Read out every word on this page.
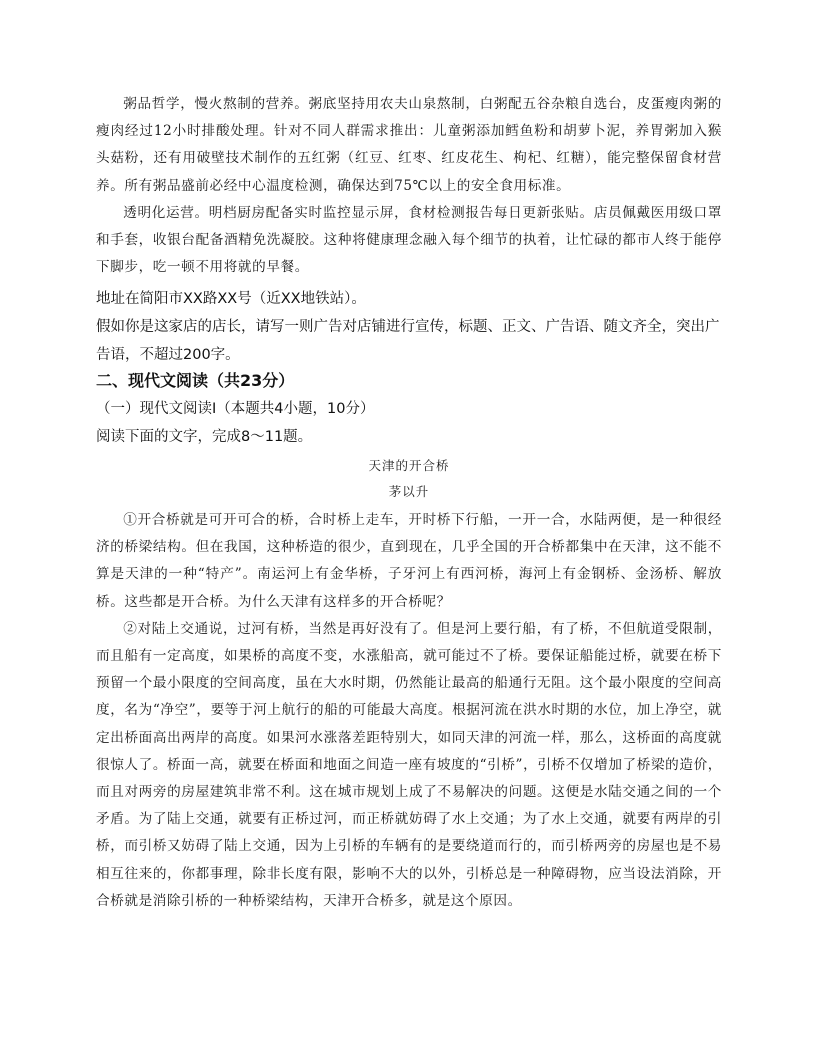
粥品哲学，慢火熬制的营养。粥底坚持用农夫山泉熬制，白粥配五谷杂粮自选台，皮蛋瘦肉粥的瘦肉经过12小时排酸处理。针对不同人群需求推出：儿童粥添加鳕鱼粉和胡萝卜泥，养胃粥加入猴头菇粉，还有用破壁技术制作的五红粥（红豆、红枣、红皮花生、枸杞、红糖），能完整保留食材营养。所有粥品盛前必经中心温度检测，确保达到75℃以上的安全食用标准。

透明化运营。明档厨房配备实时监控显示屏，食材检测报告每日更新张贴。店员佩戴医用级口罩和手套，收银台配备酒精免洗凝胶。这种将健康理念融入每个细节的执着，让忙碌的都市人终于能停下脚步，吃一顿不用将就的早餐。

地址在简阳市XX路XX号（近XX地铁站）。

假如你是这家店的店长，请写一则广告对店铺进行宣传，标题、正文、广告语、随文齐全，突出广告语，不超过200字。

二、现代文阅读（共23分）

（一）现代文阅读Ⅰ（本题共4小题，10分）

阅读下面的文字，完成8～11题。

天津的开合桥
茅以升

①开合桥就是可开可合的桥，合时桥上走车，开时桥下行船，一开一合，水陆两便，是一种很经济的桥梁结构。但在我国，这种桥造的很少，直到现在，几乎全国的开合桥都集中在天津，这不能不算是天津的一种“特产”。南运河上有金华桥，子牙河上有西河桥，海河上有金钢桥、金汤桥、解放桥。这些都是开合桥。为什么天津有这样多的开合桥呢？

②对陆上交通说，过河有桥，当然是再好没有了。但是河上要行船，有了桥，不但航道受限制，而且船有一定高度，如果桥的高度不变，水涨船高，就可能过不了桥。要保证船能过桥，就要在桥下预留一个最小限度的空间高度，虽在大水时期，仍然能让最高的船通行无阻。这个最小限度的空间高度，名为“净空”，要等于河上航行的船的可能最大高度。根据河流在洪水时期的水位，加上净空，就定出桥面高出两岸的高度。如果河水涨落差距特别大，如同天津的河流一样，那么，这桥面的高度就很惊人了。桥面一高，就要在桥面和地面之间造一座有坡度的“引桥”，引桥不仅增加了桥梁的造价，而且对两旁的房屋建筑非常不利。这在城市规划上成了不易解决的问题。这便是水陆交通之间的一个矛盾。为了陆上交通，就要有正桥过河，而正桥就妨碍了水上交通；为了水上交通，就要有两岸的引桥，而引桥又妨碍了陆上交通，因为上引桥的车辆有的是要绕道而行的，而引桥两旁的房屋也是不易相互往来的，你都事理，除非长度有限，影响不大的以外，引桥总是一种障碍物，应当设法消除，开合桥就是消除引桥的一种桥梁结构，天津开合桥多，就是这个原因。
